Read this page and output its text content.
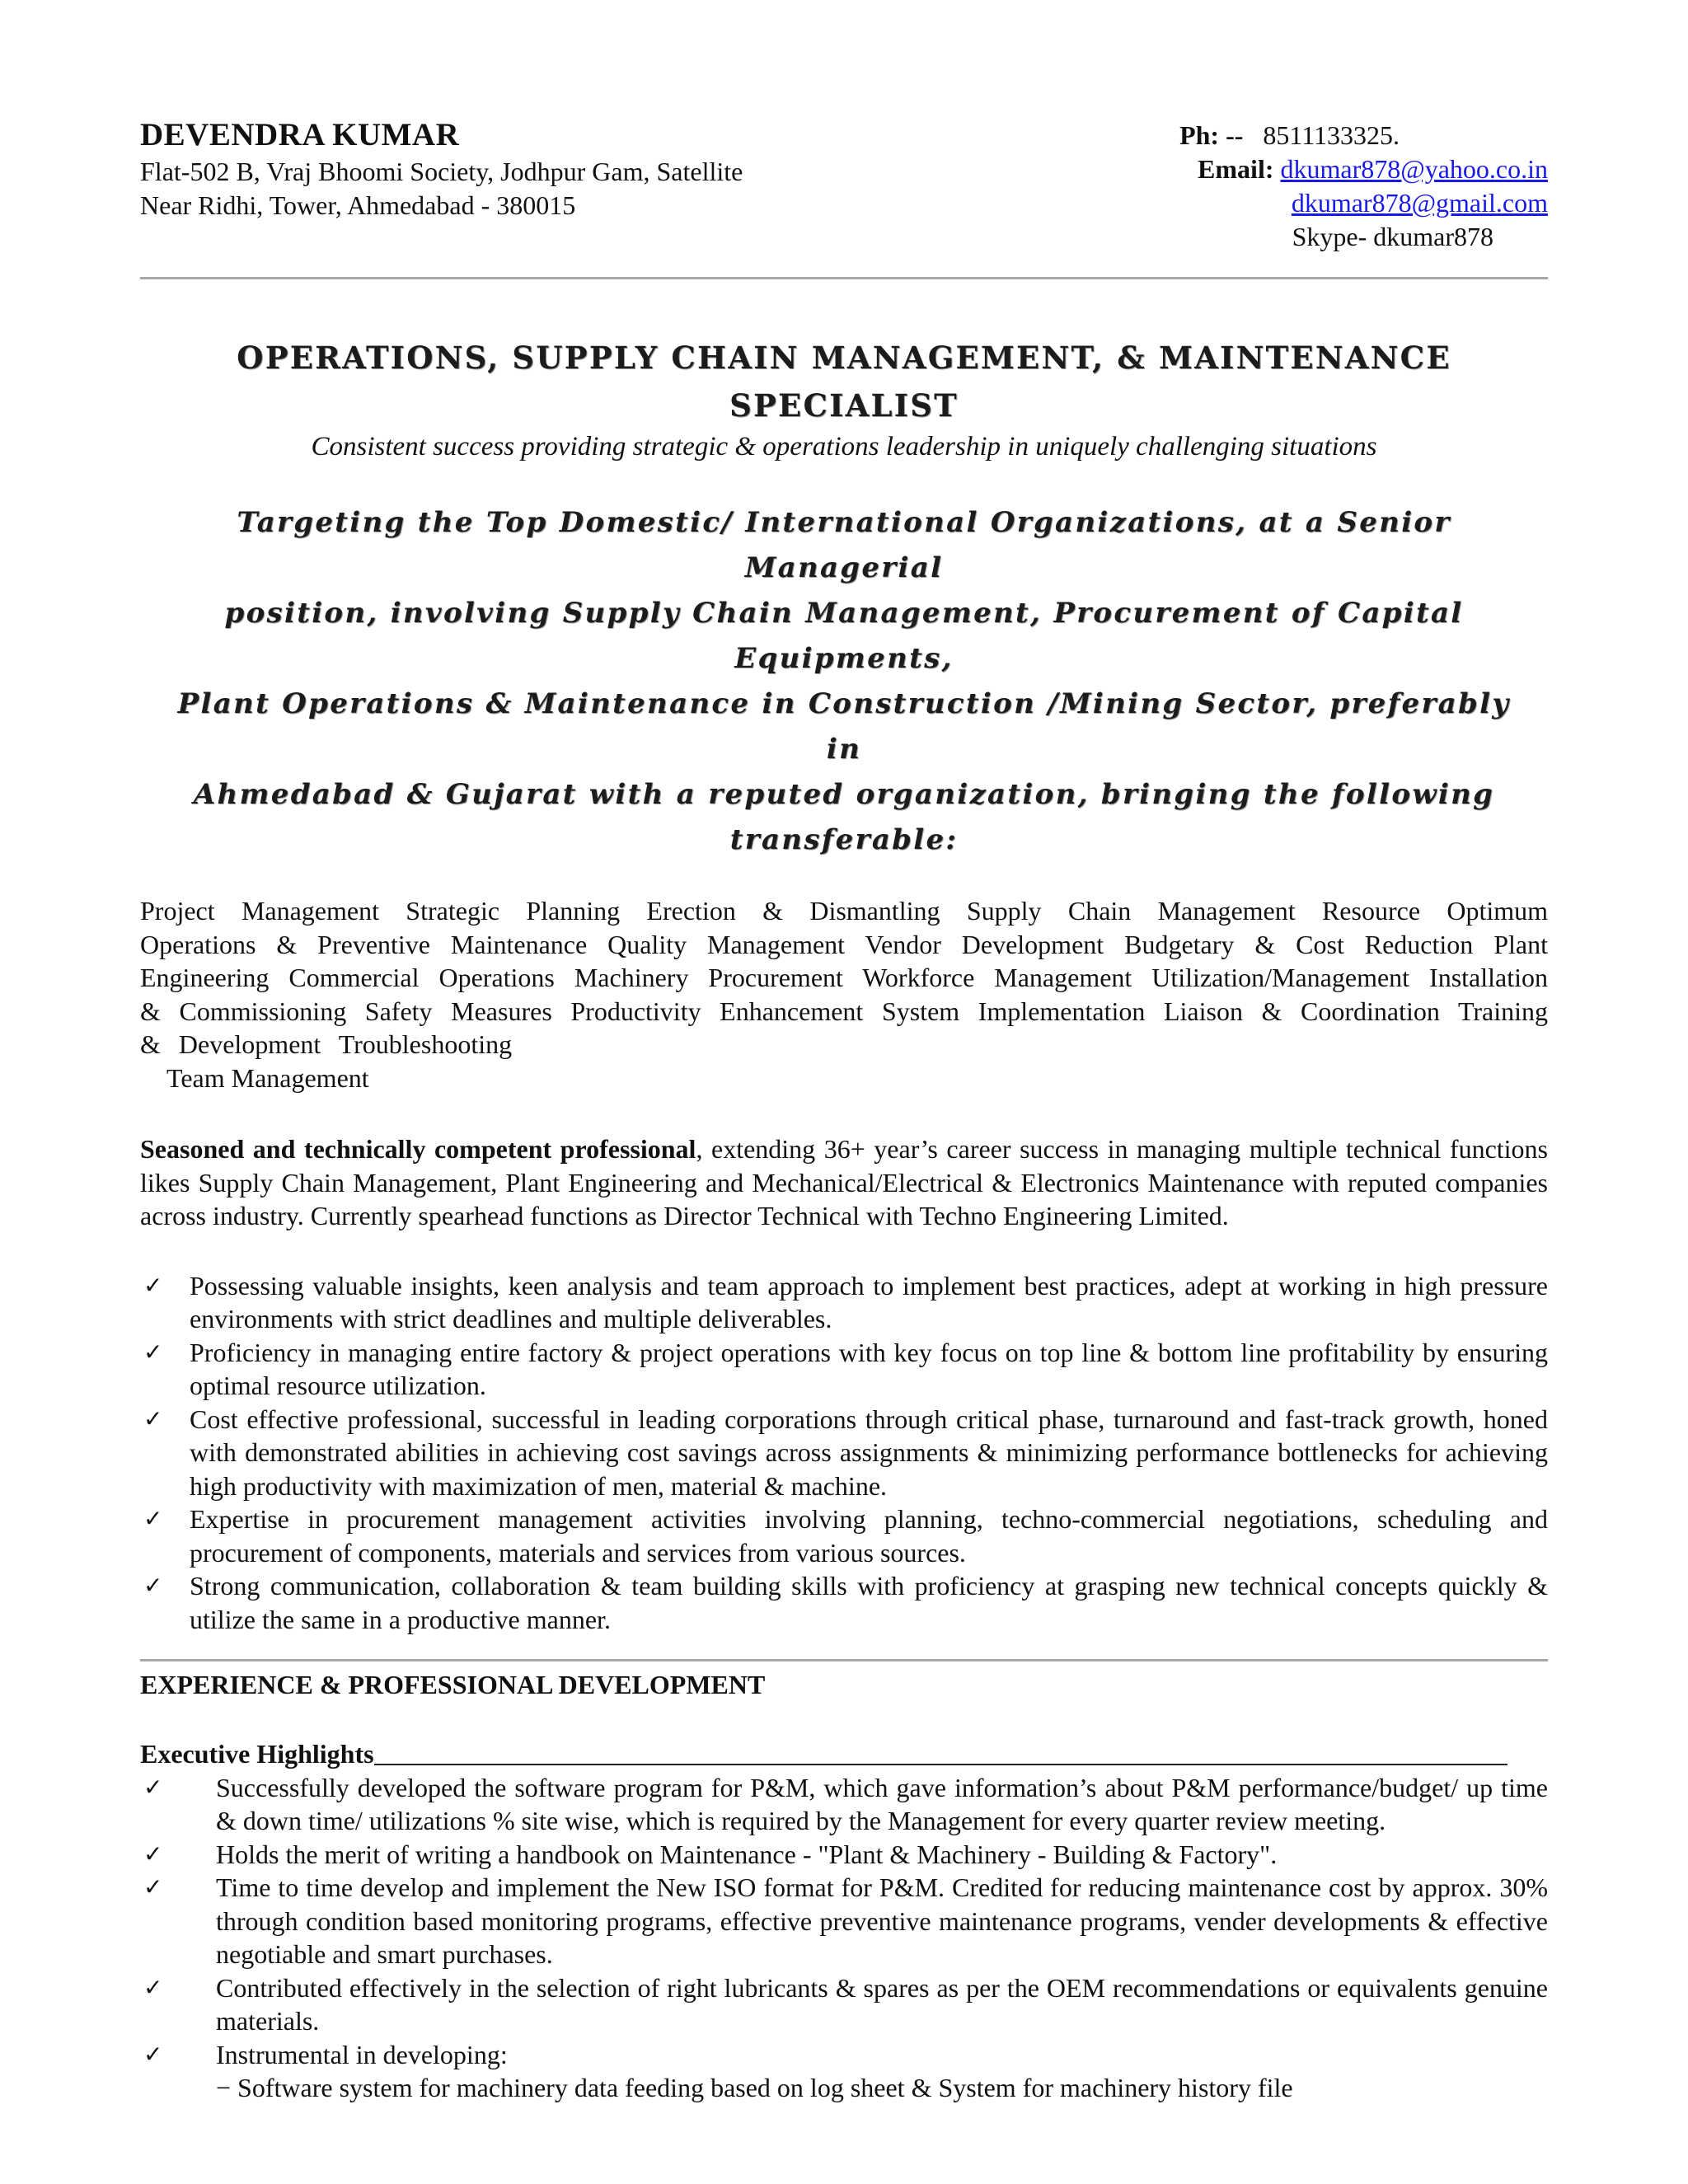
DEVENDRA KUMAR
Flat-502 B, Vraj Bhoomi Society, Jodhpur Gam, Satellite
Near Ridhi, Tower, Ahmedabad - 380015
Ph: -- 8511133325.
Email: dkumar878@yahoo.co.in
dkumar878@gmail.com
Skype- dkumar878
OPERATIONS, SUPPLY CHAIN MANAGEMENT, & MAINTENANCE
SPECIALIST
Consistent success providing strategic & operations leadership in uniquely challenging situations
Targeting the Top Domestic/ International Organizations, at a Senior Managerial
position, involving Supply Chain Management, Procurement of Capital Equipments,
Plant Operations & Maintenance in Construction /Mining Sector, preferably in
Ahmedabad & Gujarat with a reputed organization, bringing the following
transferable:
Project Management Strategic Planning Erection & Dismantling Supply Chain Management Resource Optimum Operations & Preventive Maintenance Quality Management Vendor Development Budgetary & Cost Reduction Plant Engineering Commercial Operations Machinery Procurement Workforce Management Utilization/Management Installation & Commissioning Safety Measures Productivity Enhancement System Implementation Liaison & Coordination Training & Development Troubleshooting
Team Management
Seasoned and technically competent professional, extending 36+ year’s career success in managing multiple technical functions likes Supply Chain Management, Plant Engineering and Mechanical/Electrical & Electronics Maintenance with reputed companies across industry. Currently spearhead functions as Director Technical with Techno Engineering Limited.
✓ Possessing valuable insights, keen analysis and team approach to implement best practices, adept at working in high pressure environments with strict deadlines and multiple deliverables.
✓ Proficiency in managing entire factory & project operations with key focus on top line & bottom line profitability by ensuring optimal resource utilization.
✓ Cost effective professional, successful in leading corporations through critical phase, turnaround and fast-track growth, honed with demonstrated abilities in achieving cost savings across assignments & minimizing performance bottlenecks for achieving high productivity with maximization of men, material & machine.
✓ Expertise in procurement management activities involving planning, techno-commercial negotiations, scheduling and procurement of components, materials and services from various sources.
✓ Strong communication, collaboration & team building skills with proficiency at grasping new technical concepts quickly & utilize the same in a productive manner.
EXPERIENCE & PROFESSIONAL DEVELOPMENT
Executive Highlights
✓ Successfully developed the software program for P&M, which gave information’s about P&M performance/budget/ up time & down time/ utilizations % site wise, which is required by the Management for every quarter review meeting.
✓ Holds the merit of writing a handbook on Maintenance - "Plant & Machinery - Building & Factory".
✓ Time to time develop and implement the New ISO format for P&M. Credited for reducing maintenance cost by approx. 30% through condition based monitoring programs, effective preventive maintenance programs, vender developments & effective negotiable and smart purchases.
✓ Contributed effectively in the selection of right lubricants & spares as per the OEM recommendations or equivalents genuine materials.
✓ Instrumental in developing:
− Software system for machinery data feeding based on log sheet & System for machinery history file
